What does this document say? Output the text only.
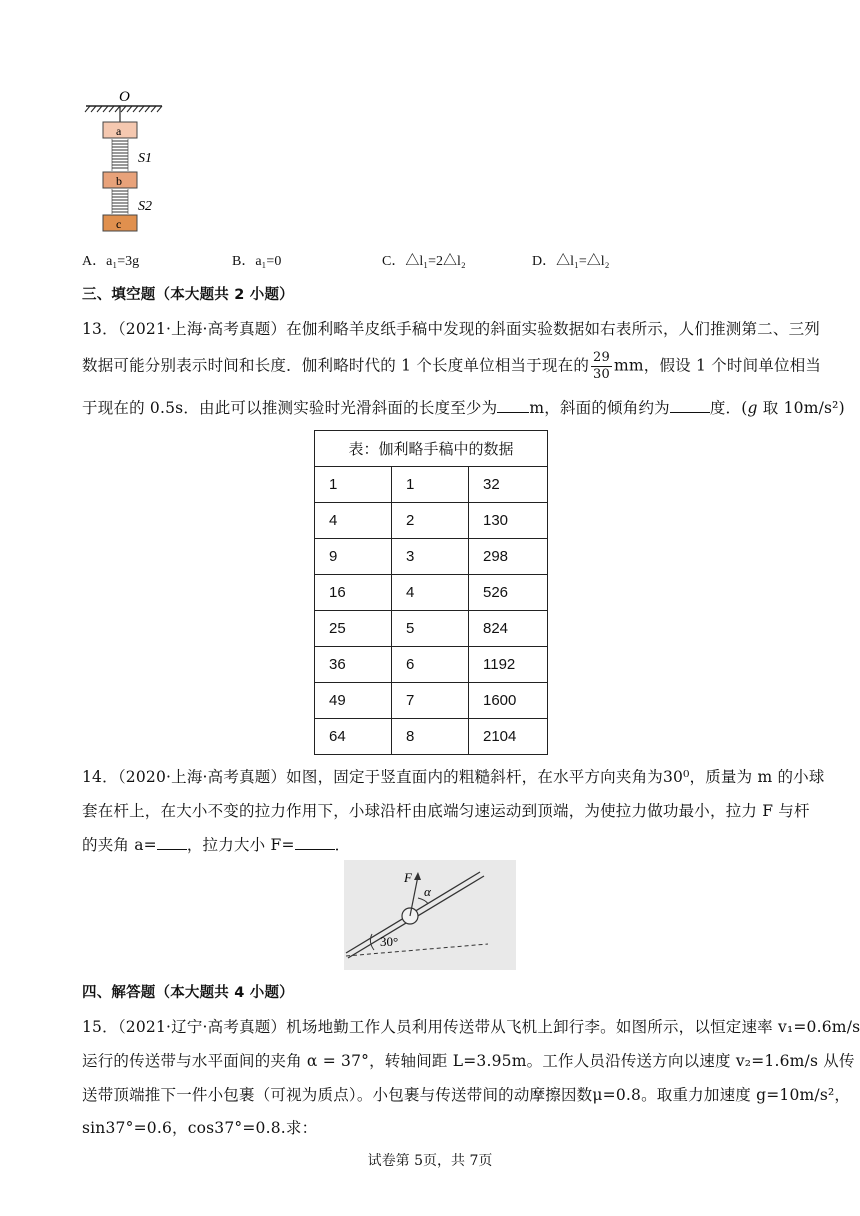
O
a
S1
b
S2
c
A．a₁=3g	B．a₁=0	C．△l₁=2△l₂	D．△l₁=△l₂
三、填空题（本大题共 2 小题）
13．（2021·上海·高考真题）在伽利略羊皮纸手稿中发现的斜面实验数据如右表所示，人们推测第二、三列
数据可能分别表示时间和长度．伽利略时代的 1 个长度单位相当于现在的 $\frac{29}{30}$ mm，假设 1 个时间单位相当
于现在的 0.5s．由此可以推测实验时光滑斜面的长度至少为 m，斜面的倾角约为	度．(g 取 10m/s²)
表：伽利略手稿中的数据		
1	1	32
4	2	130
9	3	298
16	4	526
25	5	824
36	6	1192
49	7	1600
64	8	2104
14．（2020·上海·高考真题）如图，固定于竖直面内的粗糙斜杆，在水平方向夹角为30⁰，质量为 m 的小球
套在杆上，在大小不变的拉力作用下，小球沿杆由底端匀速运动到顶端，为使拉力做功最小，拉力 F 与杆
的夹角 a= ，拉力大小 F=	．
F
α
30°
四、解答题（本大题共 4 小题）
15．（2021·辽宁·高考真题）机场地勤工作人员利用传送带从飞机上卸行李。如图所示，以恒定速率 v₁=0.6m/s
运行的传送带与水平面间的夹角 α = 37°，转轴间距 L=3.95m。工作人员沿传送方向以速度 v₂=1.6m/s 从传
送带顶端推下一件小包裹（可视为质点）。小包裹与传送带间的动摩擦因数μ=0.8。取重力加速度 g=10m/s²，
sin37°=0.6，cos37°=0.8.求：
试卷第 5页，共 7页
